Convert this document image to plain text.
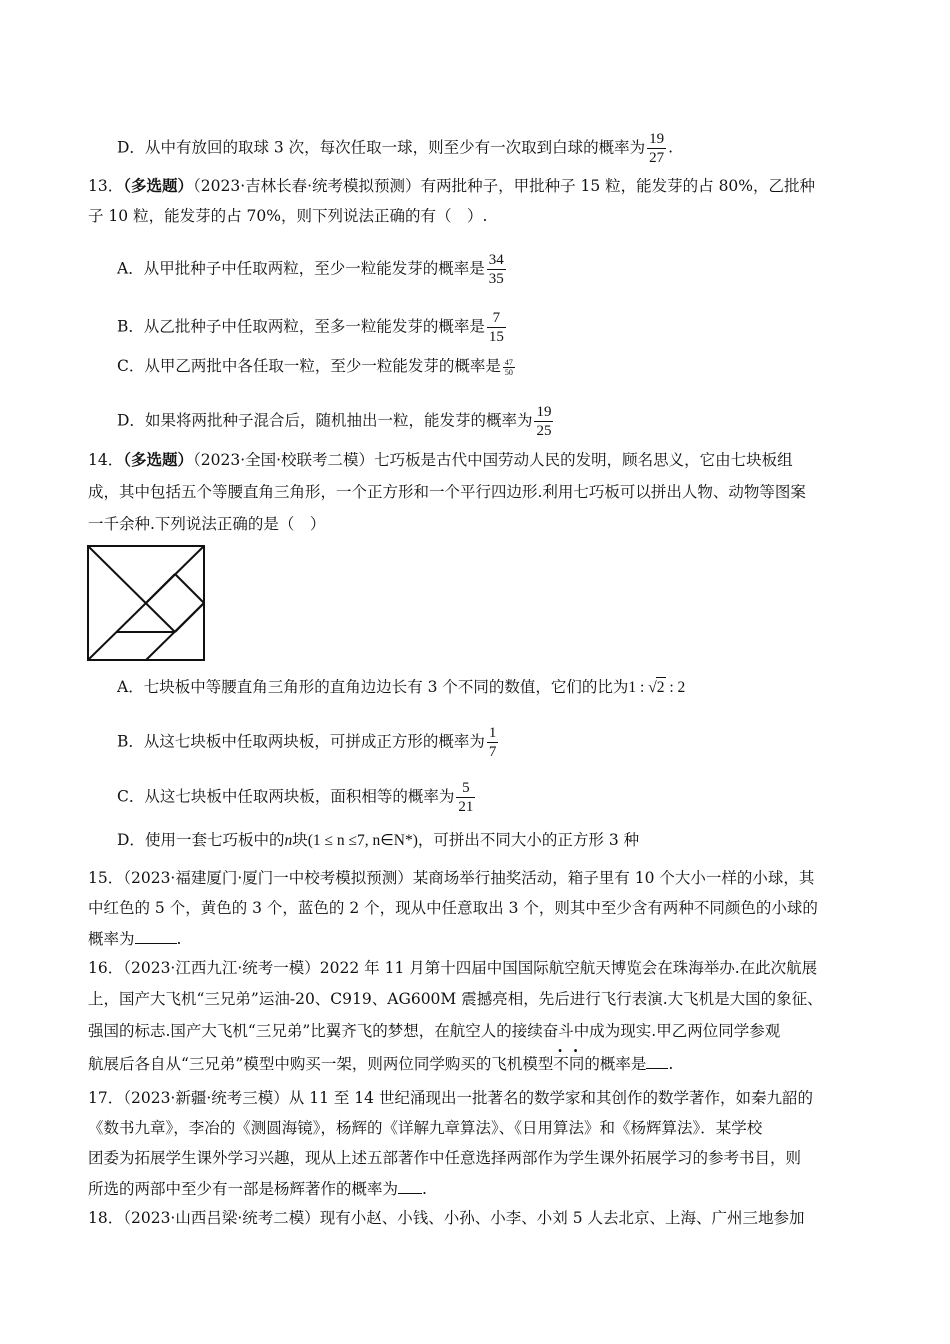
D．从中有放回的取球 3 次，每次任取一球，则至少有一次取到白球的概率为 $\frac{19}{27}$ .
13．（多选题）（2023·吉林长春·统考模拟预测）有两批种子，甲批种子 15 粒，能发芽的占 80%，乙批种
子 10 粒，能发芽的占 70%，则下列说法正确的有（　）.
A．从甲批种子中任取两粒，至少一粒能发芽的概率是 $\frac{34}{35}$
B．从乙批种子中任取两粒，至多一粒能发芽的概率是 $\frac{7}{15}$
C．从甲乙两批中各任取一粒，至少一粒能发芽的概率是 $\frac{47}{50}$
D．如果将两批种子混合后，随机抽出一粒，能发芽的概率为 $\frac{19}{25}$
14．（多选题）（2023·全国·校联考二模）七巧板是古代中国劳动人民的发明，顾名思义，它由七块板组
成，其中包括五个等腰直角三角形，一个正方形和一个平行四边形.利用七巧板可以拼出人物、动物等图案
一千余种.下列说法正确的是（　）
A．七块板中等腰直角三角形的直角边边长有 3 个不同的数值，它们的比为1 : √2 : 2
B．从这七块板中任取两块板，可拼成正方形的概率为 $\frac{1}{7}$
C．从这七块板中任取两块板，面积相等的概率为 $\frac{5}{21}$
D．使用一套七巧板中的n块(1 ≤ n ≤7, n∈N*)，可拼出不同大小的正方形 3 种
15．（2023·福建厦门·厦门一中校考模拟预测）某商场举行抽奖活动，箱子里有 10 个大小一样的小球，其
中红色的 5 个，黄色的 3 个，蓝色的 2 个，现从中任意取出 3 个，则其中至少含有两种不同颜色的小球的
概率为	.
16．（2023·江西九江·统考一模）2022 年 11 月第十四届中国国际航空航天博览会在珠海举办.在此次航展
上，国产大飞机“三兄弟”运油-20、C919、AG600M 震撼亮相，先后进行飞行表演.大飞机是大国的象征、
强国的标志.国产大飞机“三兄弟”比翼齐飞的梦想，在航空人的接续奋斗中成为现实.甲乙两位同学参观
航展后各自从“三兄弟”模型中购买一架，则两位同学购买的飞机模型不同的概率是 .
17．（2023·新疆·统考三模）从 11 至 14 世纪涌现出一批著名的数学家和其创作的数学著作，如秦九韶的
《数书九章》，李冶的《测圆海镜》，杨辉的《详解九章算法》、《日用算法》和《杨辉算法》．某学校
团委为拓展学生课外学习兴趣，现从上述五部著作中任意选择两部作为学生课外拓展学习的参考书目，则
所选的两部中至少有一部是杨辉著作的概率为 .
18．（2023·山西吕梁·统考二模）现有小赵、小钱、小孙、小李、小刘 5 人去北京、上海、广州三地参加
